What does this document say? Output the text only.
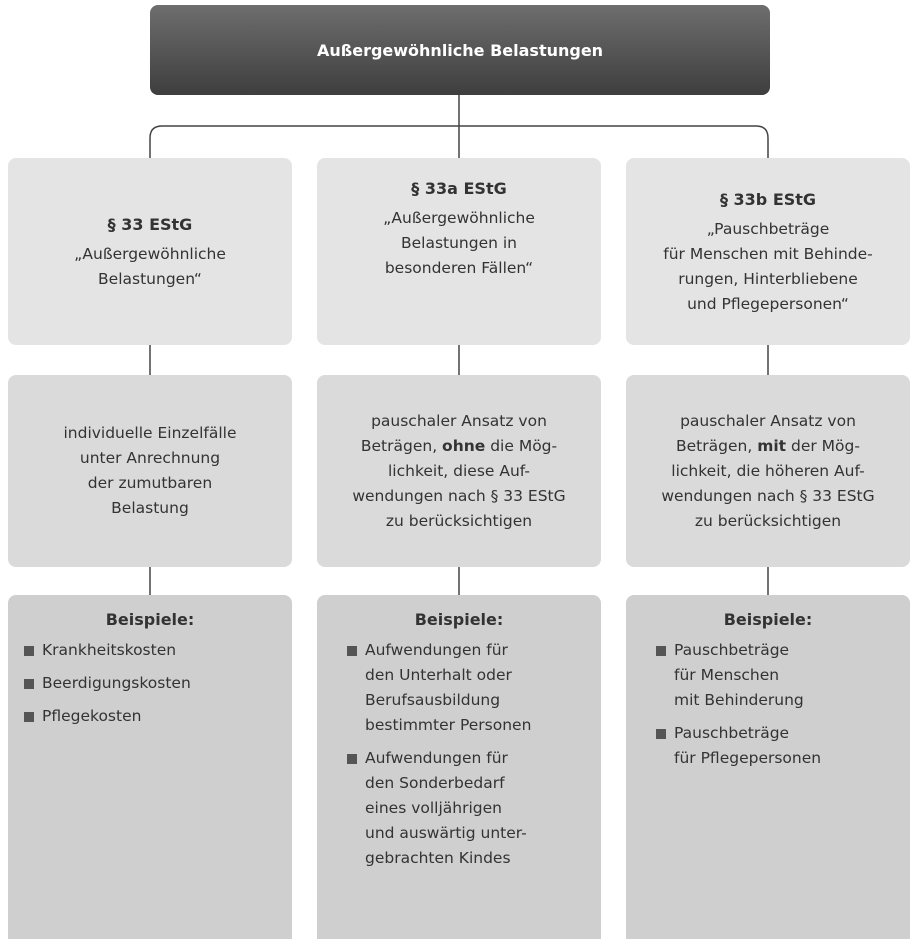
Außergewöhnliche Belastungen
§ 33 EStG
„Außergewöhnliche
Belastungen“
§ 33a EStG
„Außergewöhnliche
Belastungen in
besonderen Fällen“
§ 33b EStG
„Pauschbeträge
für Menschen mit Behinde-
rungen, Hinterbliebene
und Pflegepersonen“
individuelle Einzelfälle
unter Anrechnung
der zumutbaren
Belastung
pauschaler Ansatz von
Beträgen, ohne die Mög-
lichkeit, diese Auf-
wendungen nach § 33 EStG
zu berücksichtigen
pauschaler Ansatz von
Beträgen, mit der Mög-
lichkeit, die höheren Auf-
wendungen nach § 33 EStG
zu berücksichtigen
Beispiele:
Krankheitskosten
Beerdigungskosten
Pflegekosten
Beispiele:
Aufwendungen für
den Unterhalt oder
Berufsausbildung
bestimmter Personen
Aufwendungen für
den Sonderbedarf
eines volljährigen
und auswärtig unter-
gebrachten Kindes
Beispiele:
Pauschbeträge
für Menschen
mit Behinderung
Pauschbeträge
für Pflegepersonen
